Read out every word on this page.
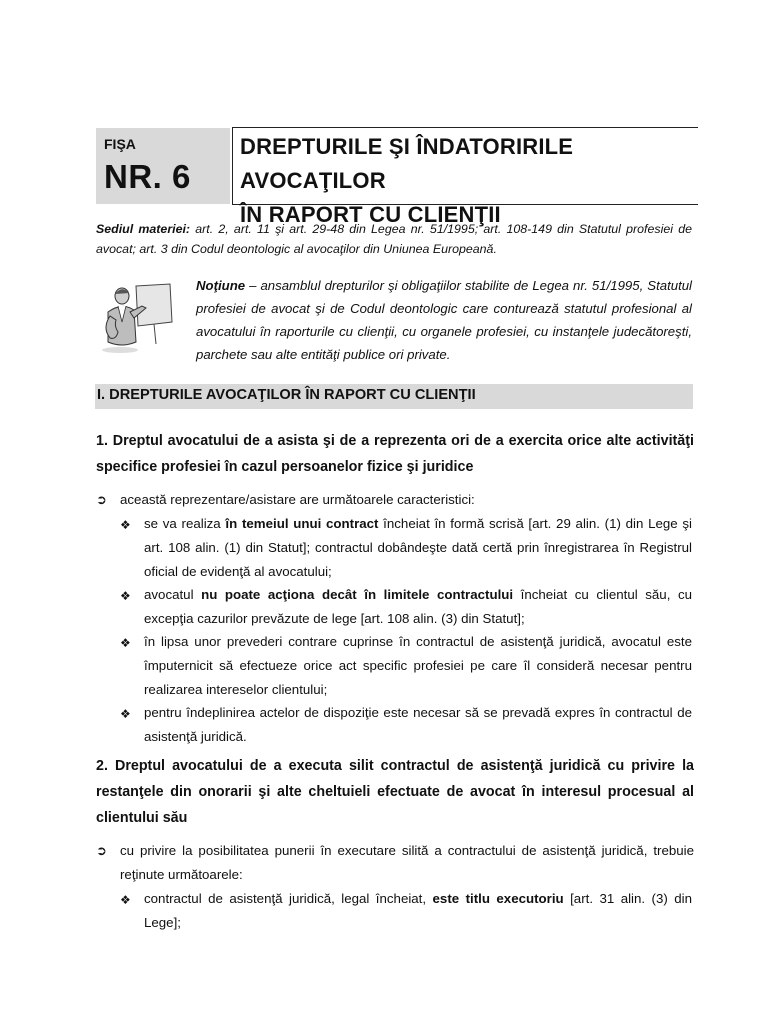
FIŞA
NR. 6
DREPTURILE ŞI ÎNDATORIRILE AVOCAŢILOR
ÎN RAPORT CU CLIENŢII
Sediul materiei: art. 2, art. 11 şi art. 29-48 din Legea nr. 51/1995; art. 108-149 din Statutul profesiei de avocat; art. 3 din Codul deontologic al avocaţilor din Uniunea Europeană.
Noţiune – ansamblul drepturilor şi obligaţiilor stabilite de Legea nr. 51/1995, Statutul profesiei de avocat şi de Codul deontologic care conturează statutul profesional al avocatului în raporturile cu clienţii, cu organele profesiei, cu instanţele judecătoreşti, parchete sau alte entităţi publice ori private.
I. DREPTURILE AVOCAŢILOR ÎN RAPORT CU CLIENŢII
1. Dreptul avocatului de a asista şi de a reprezenta ori de a exercita orice alte activităţi specifice profesiei în cazul persoanelor fizice şi juridice
➲ această reprezentare/asistare are următoarele caracteristici:
❖ se va realiza în temeiul unui contract încheiat în formă scrisă [art. 29 alin. (1) din Lege şi art. 108 alin. (1) din Statut]; contractul dobândeşte dată certă prin înregistrarea în Registrul oficial de evidenţă al avocatului;
❖ avocatul nu poate acţiona decât în limitele contractului încheiat cu clientul său, cu excepţia cazurilor prevăzute de lege [art. 108 alin. (3) din Statut];
❖ în lipsa unor prevederi contrare cuprinse în contractul de asistenţă juridică, avocatul este împuternicit să efectueze orice act specific profesiei pe care îl consideră necesar pentru realizarea intereselor clientului;
❖ pentru îndeplinirea actelor de dispoziţie este necesar să se prevadă expres în contractul de asistenţă juridică.
2. Dreptul avocatului de a executa silit contractul de asistenţă juridică cu privire la restanţele din onorarii şi alte cheltuieli efectuate de avocat în interesul procesual al clientului său
➲ cu privire la posibilitatea punerii în executare silită a contractului de asistenţă juridică, trebuie reţinute următoarele:
❖ contractul de asistenţă juridică, legal încheiat, este titlu executoriu [art. 31 alin. (3) din Lege];
